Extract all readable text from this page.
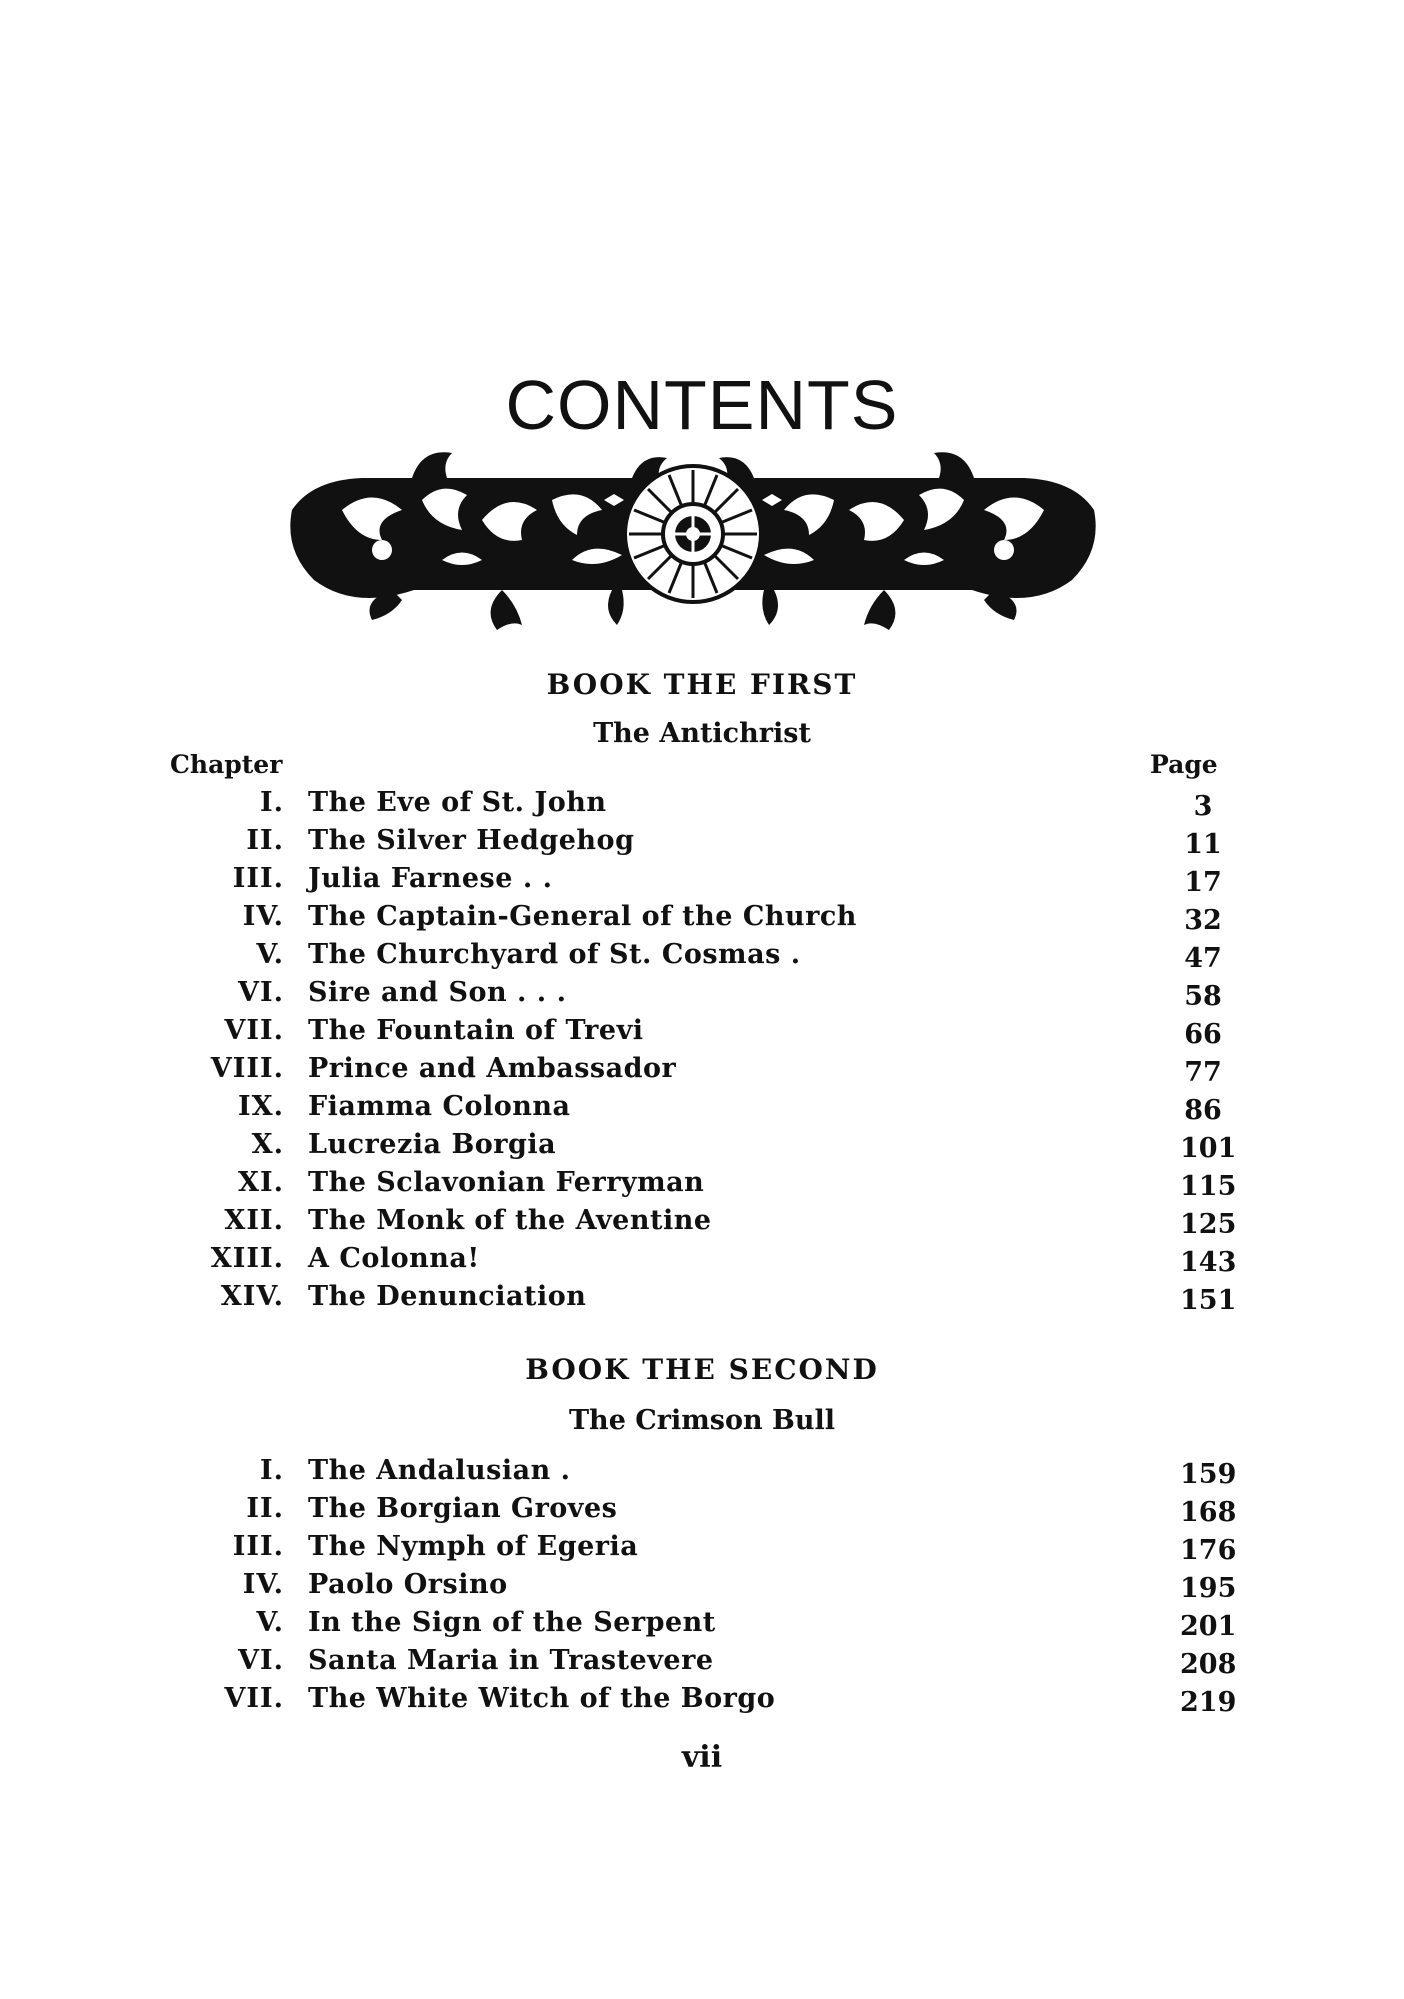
CONTENTS
BOOK THE FIRST
The Antichrist
Chapter	Page
I. The Eve of St. John	3
II. The Silver Hedgehog	11
III. Julia Farnese . .	17
IV. The Captain-General of the Church	32
V. The Churchyard of St. Cosmas .	47
VI. Sire and Son . . .	58
VII. The Fountain of Trevi	66
VIII. Prince and Ambassador	77
IX. Fiamma Colonna	86
X. Lucrezia Borgia	101
XI. The Sclavonian Ferryman	115
XII. The Monk of the Aventine	125
XIII. A Colonna!	143
XIV. The Denunciation	151
BOOK THE SECOND
The Crimson Bull
I. The Andalusian .	159
II. The Borgian Groves	168
III. The Nymph of Egeria	176
IV. Paolo Orsino	195
V. In the Sign of the Serpent	201
VI. Santa Maria in Trastevere	208
VII. The White Witch of the Borgo	219
vii
